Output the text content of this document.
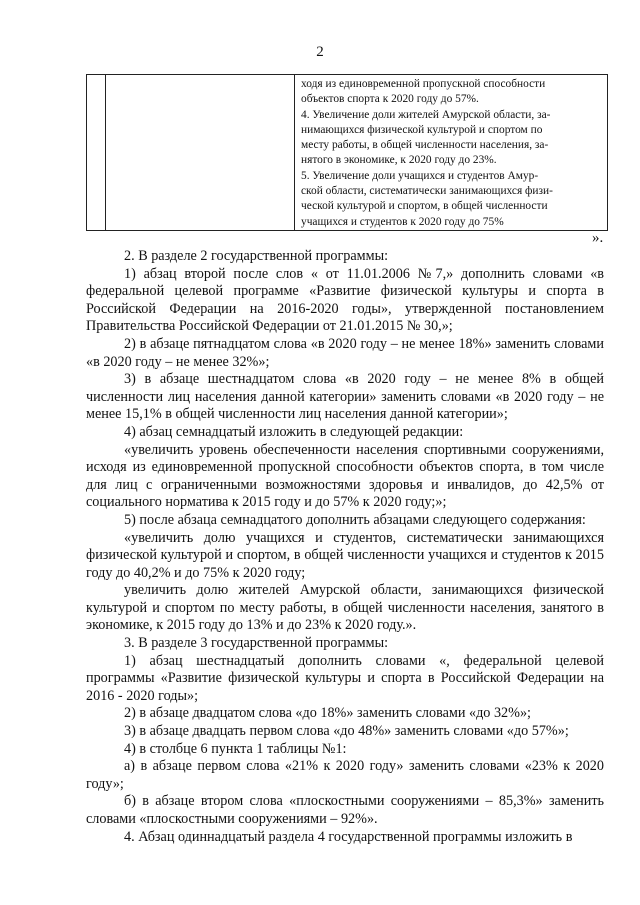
2

ходя из единовременной пропускной способности
объектов спорта к 2020 году до 57%.
4. Увеличение доли жителей Амурской области, за-
нимающихся физической культурой и спортом по
месту работы, в общей численности населения, за-
нятого в экономике, к 2020 году до 23%.
5. Увеличение доли учащихся и студентов Амур-
ской области, систематически занимающихся физи-
ческой культурой и спортом, в общей численности
учащихся и студентов к 2020 году до 75%
».

2. В разделе 2 государственной программы:

1) абзац второй после слов « от 11.01.2006 №7,» дополнить словами «в федеральной целевой программе «Развитие физической культуры и спорта в Российской Федерации на 2016-2020 годы», утвержденной постановлением Правительства Российской Федерации от 21.01.2015 № 30,»;

2) в абзаце пятнадцатом слова «в 2020 году – не менее 18%» заменить словами «в 2020 году – не менее 32%»;

3) в абзаце шестнадцатом слова «в 2020 году – не менее 8% в общей численности лиц населения данной категории» заменить словами «в 2020 году – не менее 15,1% в общей численности лиц населения данной категории»;

4) абзац семнадцатый изложить в следующей редакции:

«увеличить уровень обеспеченности населения спортивными сооружениями, исходя из единовременной пропускной способности объектов спорта, в том числе для лиц с ограниченными возможностями здоровья и инвалидов, до 42,5% от социального норматива к 2015 году и до 57% к 2020 году;»;

5) после абзаца семнадцатого дополнить абзацами следующего содержания:

«увеличить долю учащихся и студентов, систематически занимающихся физической культурой и спортом, в общей численности учащихся и студентов к 2015 году до 40,2% и до 75% к 2020 году;

увеличить долю жителей Амурской области, занимающихся физической культурой и спортом по месту работы, в общей численности населения, занятого в экономике, к 2015 году до 13% и до 23% к 2020 году.».

3. В разделе 3 государственной программы:

1) абзац шестнадцатый дополнить словами «, федеральной целевой программы «Развитие физической культуры и спорта в Российской Федерации на 2016 - 2020 годы»;

2) в абзаце двадцатом слова «до 18%» заменить словами «до 32%»;

3) в абзаце двадцать первом слова «до 48%» заменить словами «до 57%»;

4) в столбце 6 пункта 1 таблицы №1:

а) в абзаце первом слова «21% к 2020 году» заменить словами «23% к 2020 году»;

б) в абзаце втором слова «плоскостными сооружениями – 85,3%» заменить словами «плоскостными сооружениями – 92%».

4. Абзац одиннадцатый раздела 4 государственной программы изложить в
